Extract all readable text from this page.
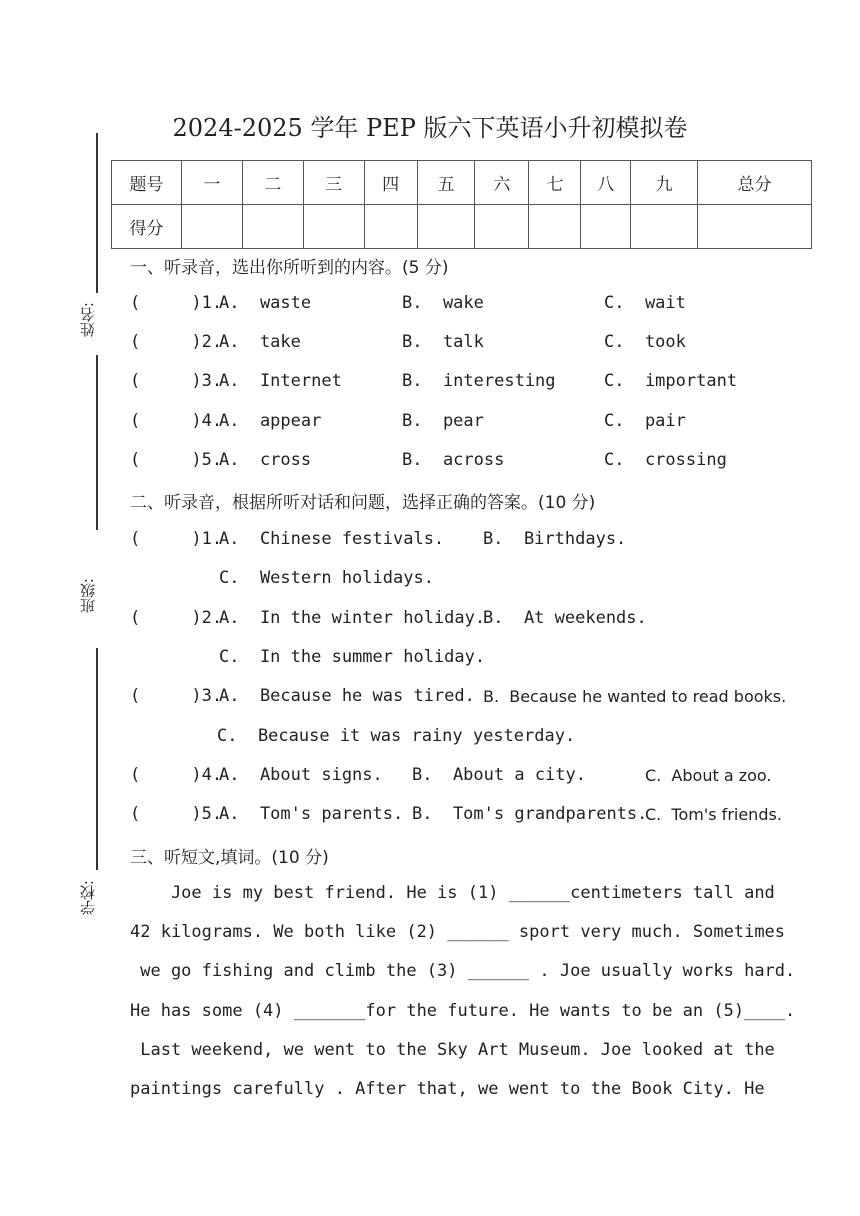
2024-2025 学年 PEP 版六下英语小升初模拟卷
姓名:
班级:
学校:
题号	一	二	三	四	五	六	七	八	九	总分
得分										
一、听录音，选出你所听到的内容。(5 分)
(     )1.
A.  waste	B.  wake	C.  wait
(     )2.
A.  take	B.  talk	C.  took
(     )3.
A.  Internet	B.  interesting	C.  important
(     )4.
A.  appear	B.  pear	C.  pair
(     )5.
A.  cross	B.  across	C.  crossing
二、听录音，根据所听对话和问题，选择正确的答案。(10 分)
(     )1.
A.  Chinese festivals. B.  Birthdays.
C.  Western holidays.
(     )2.
A.  In the winter holiday.
B.  At weekends.
C.  In the summer holiday.
(     )3.
A.  Because he was tired. B.  Because he wanted to read books.
C.  Because it was rainy yesterday.
(     )4.
A.  About signs. B.  About a city.	C.  About a zoo.
(     )5.
A.  Tom's parents. B.  Tom's grandparents.
C.  Tom's friends.
三、听短文,填词。(10 分)
Joe is my best friend. He is (1) ______centimeters tall and
42 kilograms. We both like (2) ______ sport very much. Sometimes
we go fishing and climb the (3) ______ . Joe usually works hard.
He has some (4) _______for the future. He wants to be an (5)____.
Last weekend, we went to the Sky Art Museum. Joe looked at the
paintings carefully . After that, we went to the Book City. He
